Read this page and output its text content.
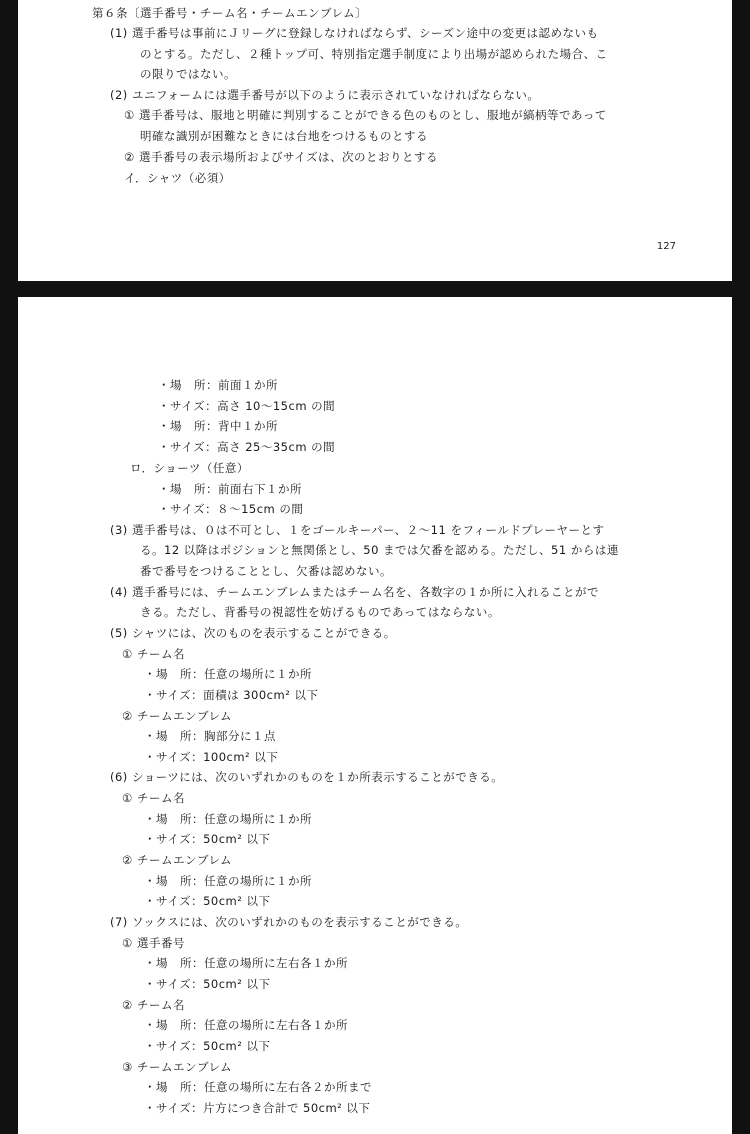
第６条〔選手番号・チーム名・チームエンブレム〕
(1) 選手番号は事前にＪリーグに登録しなければならず、シーズン途中の変更は認めないも
のとする。ただし、２種トップ可、特別指定選手制度により出場が認められた場合、こ
の限りではない。
(2) ユニフォームには選手番号が以下のように表示されていなければならない。
① 選手番号は、服地と明確に判別することができる色のものとし、服地が縞柄等であって
明確な識別が困難なときには台地をつけるものとする
② 選手番号の表示場所およびサイズは、次のとおりとする
イ．シャツ（必須）
127
・場　所：前面１か所
・サイズ：高さ 10〜15cm の間
・場　所：背中１か所
・サイズ：高さ 25〜35cm の間
ロ．ショーツ（任意）
・場　所：前面右下１か所
・サイズ：８〜15cm の間
(3) 選手番号は、０は不可とし、１をゴールキーパー、２〜11 をフィールドプレーヤーとす
る。12 以降はポジションと無関係とし、50 までは欠番を認める。ただし、51 からは連
番で番号をつけることとし、欠番は認めない。
(4) 選手番号には、チームエンブレムまたはチーム名を、各数字の１か所に入れることがで
きる。ただし、背番号の視認性を妨げるものであってはならない。
(5) シャツには、次のものを表示することができる。
① チーム名
・場　所：任意の場所に１か所
・サイズ：面積は 300cm² 以下
② チームエンブレム
・場　所：胸部分に１点
・サイズ：100cm² 以下
(6) ショーツには、次のいずれかのものを１か所表示することができる。
① チーム名
・場　所：任意の場所に１か所
・サイズ：50cm² 以下
② チームエンブレム
・場　所：任意の場所に１か所
・サイズ：50cm² 以下
(7) ソックスには、次のいずれかのものを表示することができる。
① 選手番号
・場　所：任意の場所に左右各１か所
・サイズ：50cm² 以下
② チーム名
・場　所：任意の場所に左右各１か所
・サイズ：50cm² 以下
③ チームエンブレム
・場　所：任意の場所に左右各２か所まで
・サイズ：片方につき合計で 50cm² 以下
